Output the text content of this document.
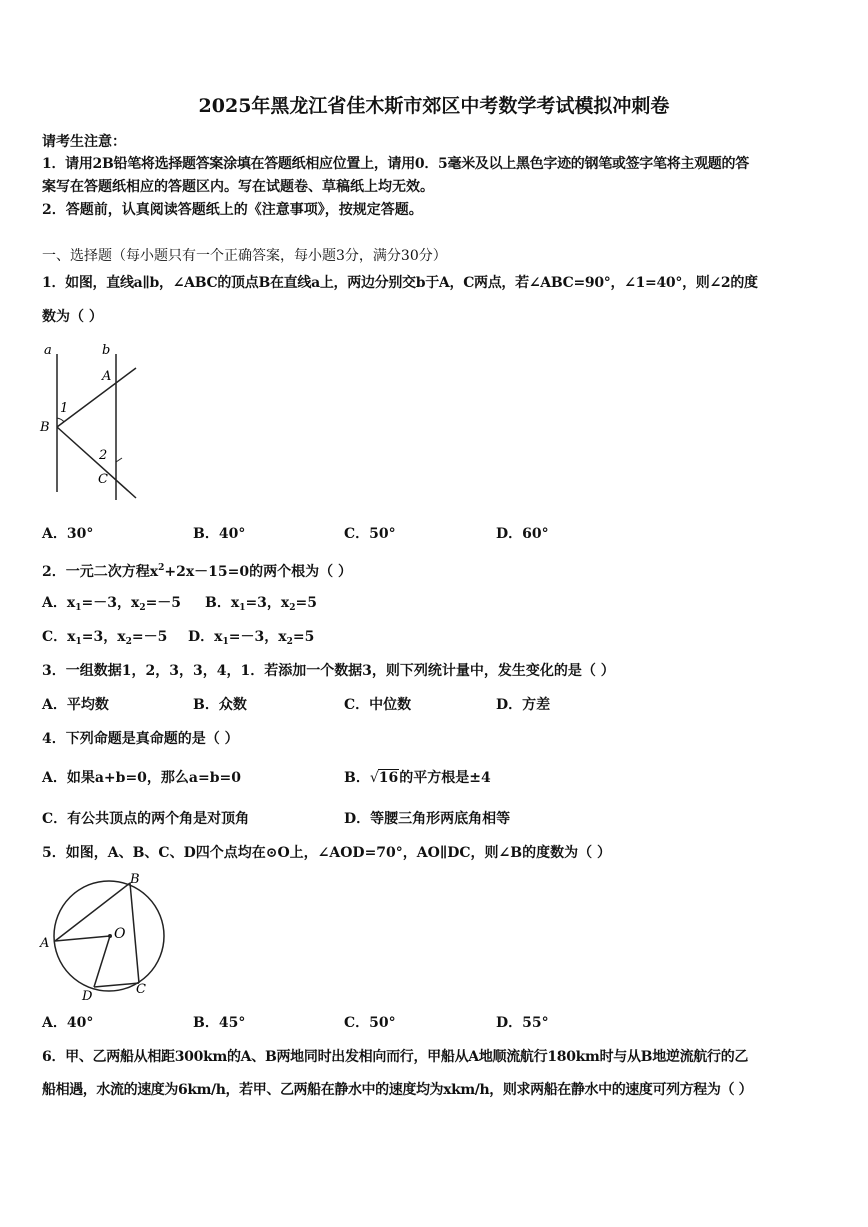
2025年黑龙江省佳木斯市郊区中考数学考试模拟冲刺卷
请考生注意：
1．请用2B铅笔将选择题答案涂填在答题纸相应位置上，请用0．5毫米及以上黑色字迹的钢笔或签字笔将主观题的答
案写在答题纸相应的答题区内。写在试题卷、草稿纸上均无效。
2．答题前，认真阅读答题纸上的《注意事项》，按规定答题。
一、选择题（每小题只有一个正确答案，每小题3分，满分30分）
1．如图，直线a∥b，∠ABC的顶点B在直线a上，两边分别交b于A，C两点，若∠ABC=90°，∠1=40°，则∠2的度
数为（ ）
a	b
A
B
C
1
2
A．30°	B．40°	C．50°	D．60°
2．一元二次方程$x^2+2x-15=0$的两个根为（ ）
A．$x_1=-3$，$x_2=-5$ B．$x_1=3$，$x_2=5$
C．$x_1=3$，$x_2=-5$ D．$x_1=-3$，$x_2=5$
3．一组数据1，2，3，3，4，1．若添加一个数据3，则下列统计量中，发生变化的是（ ）
A．平均数	B．众数	C．中位数	D．方差
4．下列命题是真命题的是（ ）
A．如果a+b=0，那么a=b=0	B．√16的平方根是±4
C．有公共顶点的两个角是对顶角	D．等腰三角形两底角相等
5．如图，A、B、C、D四个点均在⊙O上，∠AOD=70°，AO∥DC，则∠B的度数为（ ）
A
B
C
D
O
A．40°	B．45°	C．50°	D．55°
6．甲、乙两船从相距300km的A、B两地同时出发相向而行，甲船从A地顺流航行180km时与从B地逆流航行的乙
船相遇，水流的速度为6km/h，若甲、乙两船在静水中的速度均为xkm/h，则求两船在静水中的速度可列方程为（ ）
